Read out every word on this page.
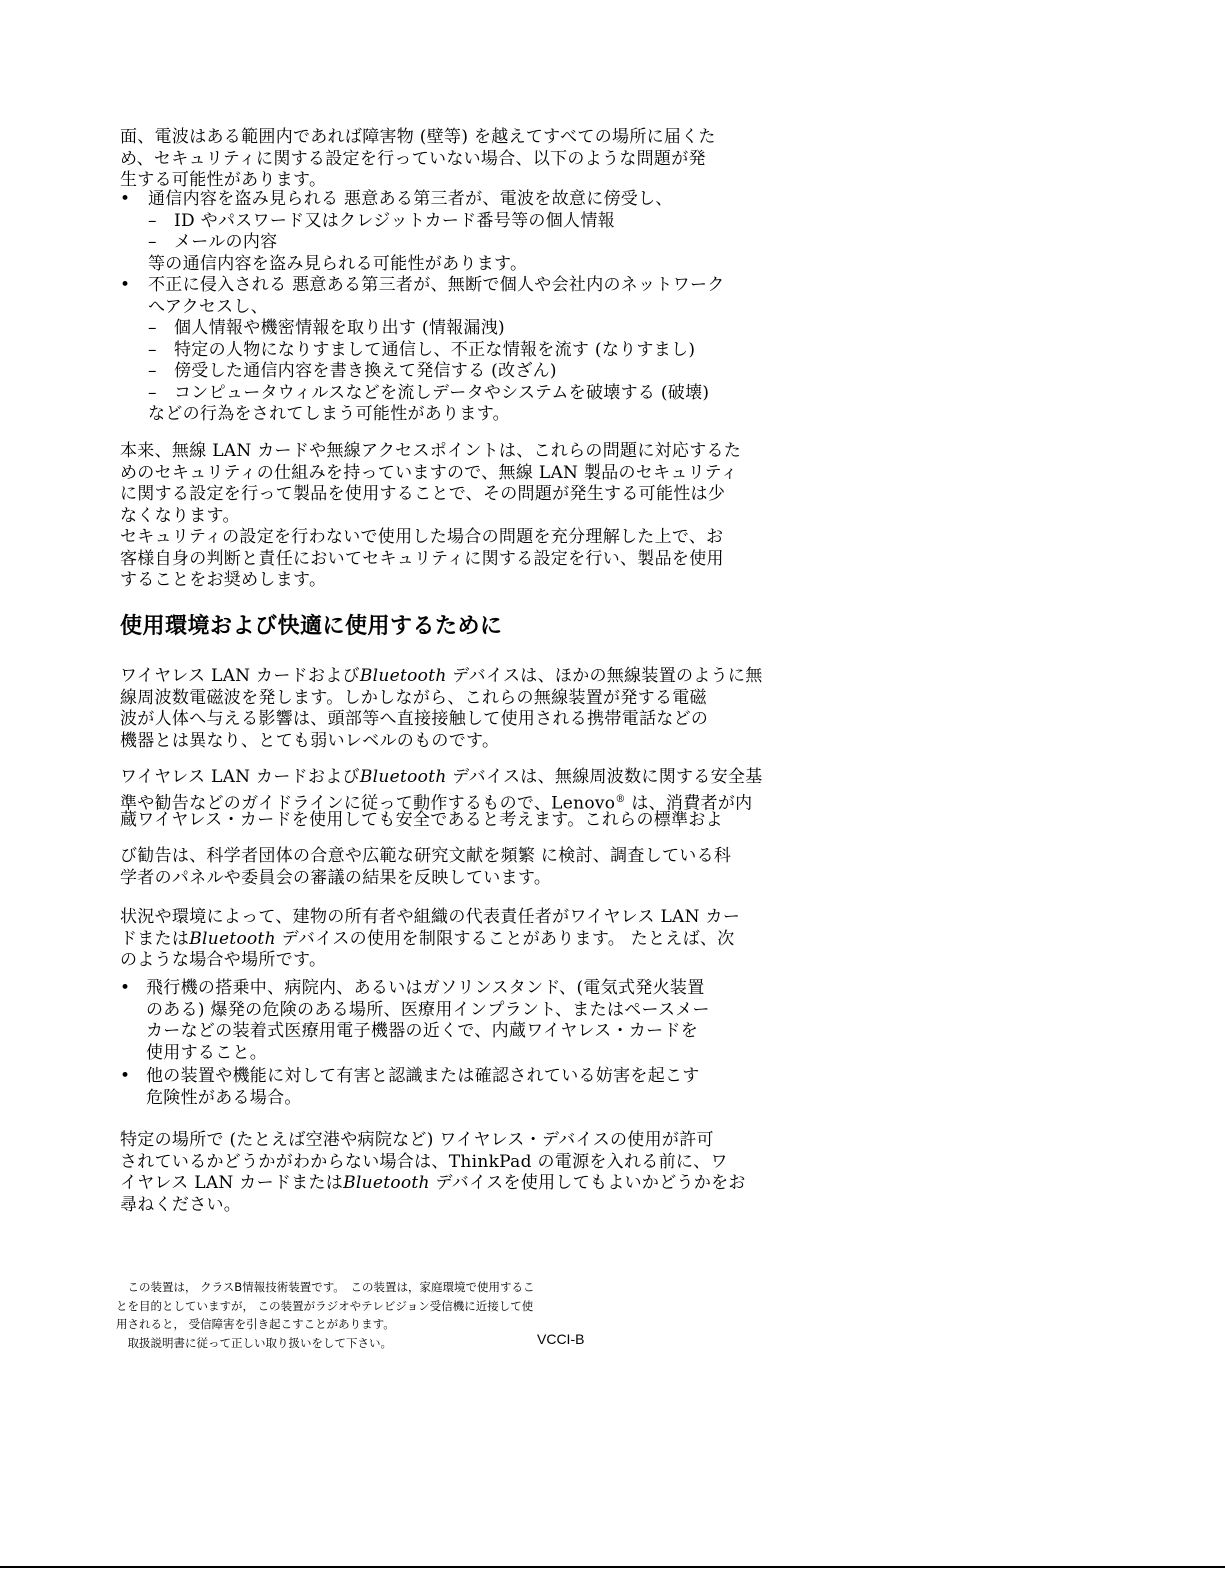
面、電波はある範囲内であれば障害物 (壁等) を越えてすべての場所に届くた
め、セキュリティに関する設定を行っていない場合、以下のような問題が発
生する可能性があります。
•	通信内容を盗み見られる 悪意ある第三者が、電波を故意に傍受し、
– ID やパスワード又はクレジットカード番号等の個人情報
– メールの内容
等の通信内容を盗み見られる可能性があります。
•	不正に侵入される 悪意ある第三者が、無断で個人や会社内のネットワーク
へアクセスし、
– 個人情報や機密情報を取り出す (情報漏洩)
– 特定の人物になりすまして通信し、不正な情報を流す (なりすまし)
– 傍受した通信内容を書き換えて発信する (改ざん)
– コンピュータウィルスなどを流しデータやシステムを破壊する (破壊)
などの行為をされてしまう可能性があります。
本来、無線 LAN カードや無線アクセスポイントは、これらの問題に対応するた
めのセキュリティの仕組みを持っていますので、無線 LAN 製品のセキュリティ
に関する設定を行って製品を使用することで、その問題が発生する可能性は少
なくなります。
セキュリティの設定を行わないで使用した場合の問題を充分理解した上で、お
客様自身の判断と責任においてセキュリティに関する設定を行い、製品を使用
することをお奨めします。
使用環境および快適に使用するために
ワイヤレス LAN カードおよびBluetooth デバイスは、ほかの無線装置のように無
線周波数電磁波を発します。しかしながら、これらの無線装置が発する電磁
波が人体へ与える影響は、頭部等へ直接接触して使用される携帯電話などの
機器とは異なり、とても弱いレベルのものです。
ワイヤレス LAN カードおよびBluetooth デバイスは、無線周波数に関する安全基
準や勧告などのガイドラインに従って動作するもので、Lenovo® は、消費者が内
蔵ワイヤレス・カードを使用しても安全であると考えます。これらの標準およ
び勧告は、科学者団体の合意や広範な研究文献を頻繁 に検討、調査している科
学者のパネルや委員会の審議の結果を反映しています。
状況や環境によって、建物の所有者や組織の代表責任者がワイヤレス LAN カー
ドまたはBluetooth デバイスの使用を制限することがあります。 たとえば、次
のような場合や場所です。
• 飛行機の搭乗中、病院内、あるいはガソリンスタンド、(電気式発火装置
のある) 爆発の危険のある場所、医療用インプラント、またはペースメー
カーなどの装着式医療用電子機器の近くで、内蔵ワイヤレス・カードを
使用すること。
• 他の装置や機能に対して有害と認識または確認されている妨害を起こす
危険性がある場合。
特定の場所で (たとえば空港や病院など) ワイヤレス・デバイスの使用が許可
されているかどうかがわからない場合は、ThinkPad の電源を入れる前に、ワ
イヤレス LAN カードまたはBluetooth デバイスを使用してもよいかどうかをお
尋ねください。
　この装置は， クラスB情報技術装置です。　この装置は，家庭環境で使用するこ
とを目的としていますが， この装置がラジオやテレビジョン受信機に近接して使
用されると， 受信障害を引き起こすことがあります。
　取扱説明書に従って正しい取り扱いをして下さい。	VCCI-B
